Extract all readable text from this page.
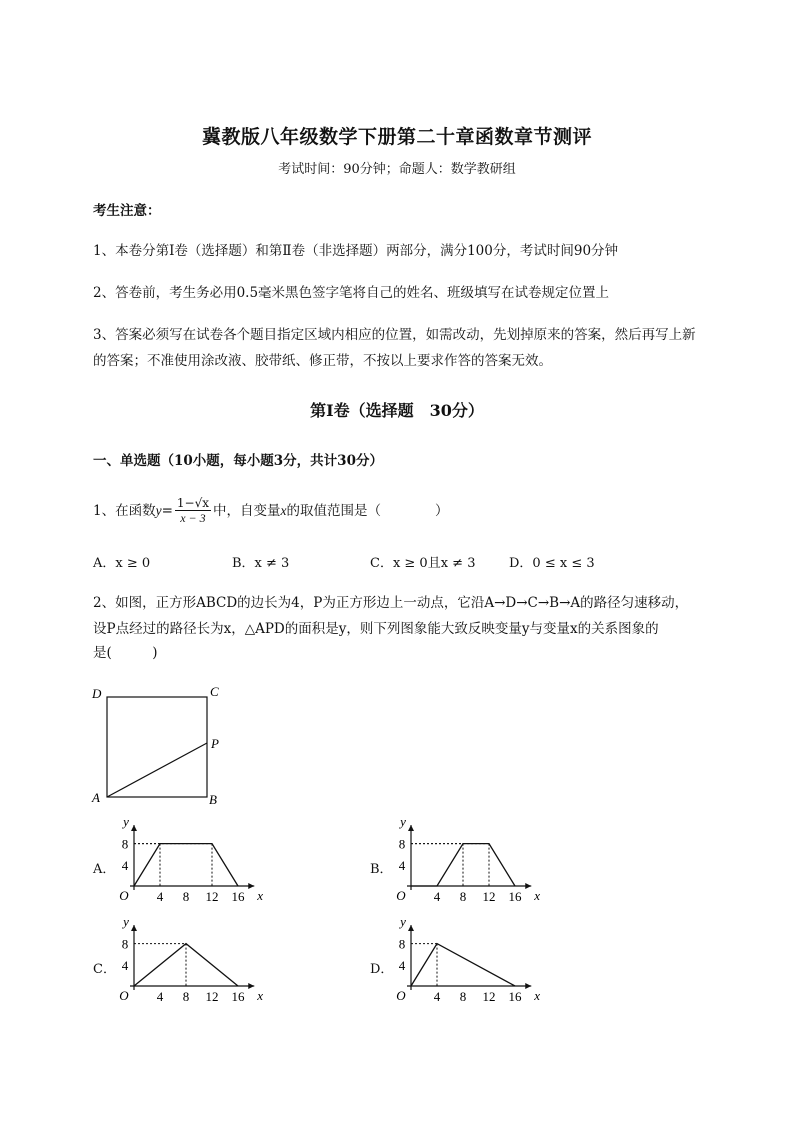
冀教版八年级数学下册第二十章函数章节测评
考试时间：90分钟；命题人：数学教研组
考生注意：
1、本卷分第I卷（选择题）和第Ⅱ卷（非选择题）两部分，满分100分，考试时间90分钟
2、答卷前，考生务必用0.5毫米黑色签字笔将自己的姓名、班级填写在试卷规定位置上
3、答案必须写在试卷各个题目指定区域内相应的位置，如需改动，先划掉原来的答案，然后再写上新
的答案；不准使用涂改液、胶带纸、修正带，不按以上要求作答的答案无效。
第I卷（选择题　30分）
一、单选题（10小题，每小题3分，共计30分）
1、在函数 $y = \frac{1-√x}{x - 3}$ 中，自变量 x 的取值范围是（　　　　）
A．x ≥ 0	B．x ≠ 3	C．x ≥ 0且x ≠ 3	D．0 ≤ x ≤ 3
2、如图，正方形ABCD的边长为4，P为正方形边上一动点，它沿A→D→C→B→A的路径匀速移动，
设P点经过的路径长为x，△APD的面积是y，则下列图象能大致反映变量y与变量x的关系图象的
是(　　　)
D	C
P
A	B
A．
x
y
O 4 8 12 16
4
8
B．
x
y
O 4 8 12 16
4
8
C．
x
y
O 4 8 12 16
4
8
D．
x
y
O 4 8 12 16
4
8
